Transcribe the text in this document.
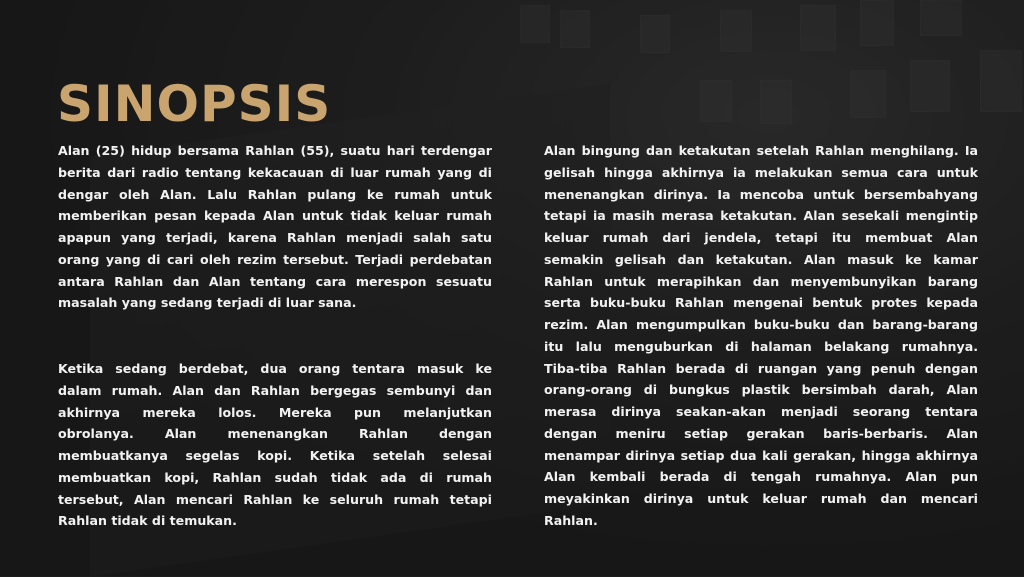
SINOPSIS
Alan (25) hidup bersama Rahlan (55), suatu hari terdengar
berita dari radio tentang kekacauan di luar rumah yang di
dengar oleh Alan. Lalu Rahlan pulang ke rumah untuk
memberikan pesan kepada Alan untuk tidak keluar rumah
apapun yang terjadi, karena Rahlan menjadi salah satu
orang yang di cari oleh rezim tersebut. Terjadi perdebatan
antara Rahlan dan Alan tentang cara merespon sesuatu
masalah yang sedang terjadi di luar sana.
Ketika sedang berdebat, dua orang tentara masuk ke
dalam rumah. Alan dan Rahlan bergegas sembunyi dan
akhirnya mereka lolos. Mereka pun melanjutkan
obrolanya. Alan menenangkan Rahlan dengan
membuatkanya segelas kopi. Ketika setelah selesai
membuatkan kopi, Rahlan sudah tidak ada di rumah
tersebut, Alan mencari Rahlan ke seluruh rumah tetapi
Rahlan tidak di temukan.
Alan bingung dan ketakutan setelah Rahlan menghilang. Ia
gelisah hingga akhirnya ia melakukan semua cara untuk
menenangkan dirinya. Ia mencoba untuk bersembahyang
tetapi ia masih merasa ketakutan. Alan sesekali mengintip
keluar rumah dari jendela, tetapi itu membuat Alan
semakin gelisah dan ketakutan. Alan masuk ke kamar
Rahlan untuk merapihkan dan menyembunyikan barang
serta buku-buku Rahlan mengenai bentuk protes kepada
rezim. Alan mengumpulkan buku-buku dan barang-barang
itu lalu menguburkan di halaman belakang rumahnya.
Tiba-tiba Rahlan berada di ruangan yang penuh dengan
orang-orang di bungkus plastik bersimbah darah, Alan
merasa dirinya seakan-akan menjadi seorang tentara
dengan meniru setiap gerakan baris-berbaris. Alan
menampar dirinya setiap dua kali gerakan, hingga akhirnya
Alan kembali berada di tengah rumahnya. Alan pun
meyakinkan dirinya untuk keluar rumah dan mencari
Rahlan.
